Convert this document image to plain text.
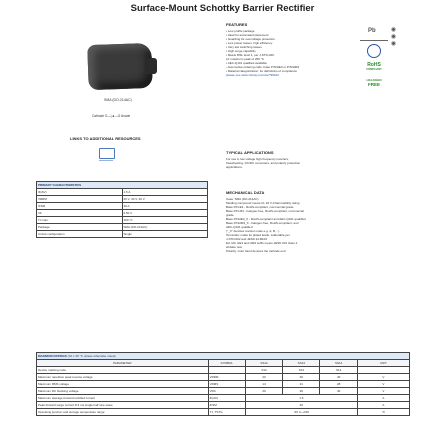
Surface-Mount Schottky Barrier Rectifier
SMA (DO-214AC)
Cathode O—|◄—O Anode
LINKS TO ADDITIONAL RESOURCES
Pb
RoHS
COMPLIANT
HALOGEN
FREE
◉◉◉
FEATURES
• Low profile package
• Ideal for automated placement
• Guarding for overvoltage protection
• Low power losses, high efficiency
• Very low switching losses
• High surge capability
• Meets MSL level 1, per J-STD-020,
LF maximum peak of 260 °C
• AEC-Q101 qualified available
- Automotive ordering code: base P/N/HE3 or P/N/HM3
• Material categorization: for definitions of compliance
please see www.vishay.com/doc?99912
TYPICAL APPLICATIONS
For use in low voltage high frequency inverters,
freewheeling, DC/DC converters, and polarity protection
applications.
MECHANICAL DATA
Case: SMA (DO-214AC)
Molding compound meets UL 94 V-0 flammability rating
Base P/N-E3 - RoHS-compliant, commercial grade
Base P/N-M3 - halogen-free, RoHS-compliant, commercial
grade
Base P/NHE3_X - RoHS-compliant and AEC-Q101 qualified
Base P/NHM3_X - halogen-free, RoHS-compliant, and
AEC-Q101 qualified
("_X" denotes revision code e.g. A, B,...)
Terminals: matte tin plated leads, solderable per
J-STD-002 and JESD 22-B102
E3, M3, HE3 and HM3 suffix meets JESD 201 class 2
whisker test
Polarity: color band denotes the cathode end
PRIMARY CHARACTERISTICS	
IF(AV)	1.5 A
VRRM	20 V, 30 V, 40 V
IFSM	40 A
VF	0.50 V
TJ max.	150 °C
Package	SMA (DO-214AC)
Circuit configuration	Single
MAXIMUM RATINGS (TA = 25 °C unless otherwise noted)					
PARAMETER	SYMBOL	SS12	SS13	SS14	UNIT
Device marking code		S12	S13	S14	
Maximum repetitive peak reverse voltage	VRRM	20	30	40	V
Maximum RMS voltage	VRMS	14	21	28	V
Maximum DC blocking voltage	VDC	20	30	40	V
Maximum average forward rectified current	IF(AV)	1.5			A
Peak forward surge current 8.3 ms single half sine-wave	IFSM	40			A
Operating junction and storage temperature range	TJ, TSTG	-65 to +150			°C
